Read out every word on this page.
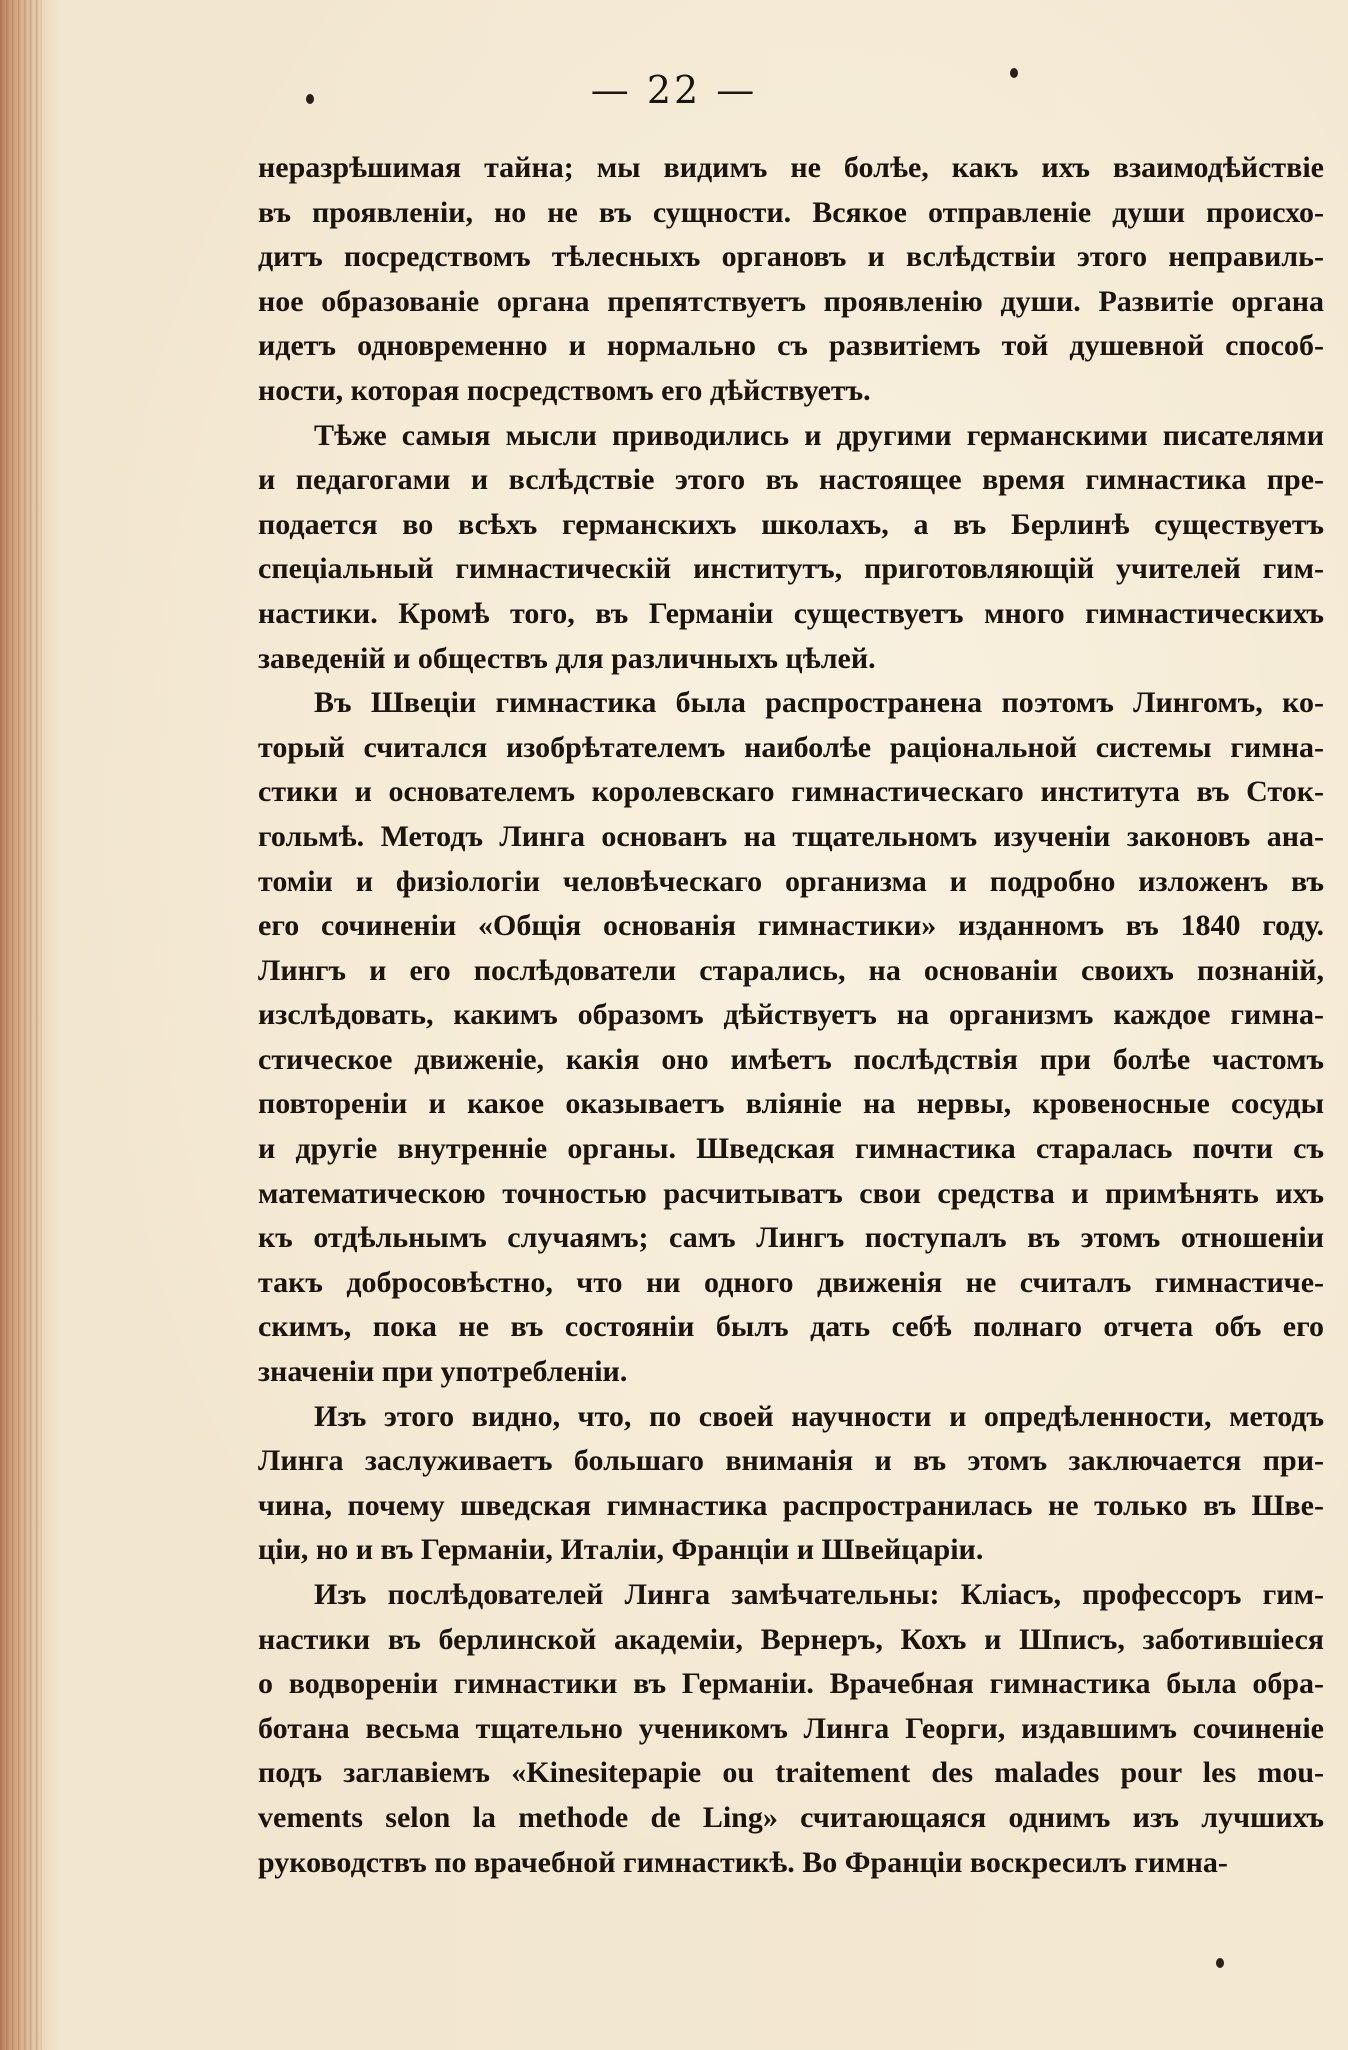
— 22 —

неразрѣшимая тайна; мы видимъ не болѣе, какъ ихъ взаимодѣйствіе
въ проявленіи, но не въ сущности. Всякое отправленіе души происхо-
дитъ посредствомъ тѣлесныхъ органовъ и вслѣдствіи этого неправиль-
ное образованіе органа препятствуетъ проявленію души. Развитіе органа
идетъ одновременно и нормально съ развитіемъ той душевной способ-
ности, которая посредствомъ его дѣйствуетъ.

Тѣже самыя мысли приводились и другими германскими писателями
и педагогами и вслѣдствіе этого въ настоящее время гимнастика пре-
подается во всѣхъ германскихъ школахъ, а въ Берлинѣ существуетъ
спеціальный гимнастическій институтъ, приготовляющій учителей гим-
настики. Кромѣ того, въ Германіи существуетъ много гимнастическихъ
заведеній и обществъ для различныхъ цѣлей.

Въ Швеціи гимнастика была распространена поэтомъ Лингомъ, ко-
торый считался изобрѣтателемъ наиболѣе раціональной системы гимна-
стики и основателемъ королевскаго гимнастическаго института въ Сток-
гольмѣ. Методъ Линга основанъ на тщательномъ изученіи законовъ ана-
томіи и физіологіи человѣческаго организма и подробно изложенъ въ
его сочиненіи «Общія основанія гимнастики» изданномъ въ 1840 году.
Лингъ и его послѣдователи старались, на основаніи своихъ познаній,
изслѣдовать, какимъ образомъ дѣйствуетъ на организмъ каждое гимна-
стическое движеніе, какія оно имѣетъ послѣдствія при болѣе частомъ
повтореніи и какое оказываетъ вліяніе на нервы, кровеносные сосуды
и другіе внутренніе органы. Шведская гимнастика старалась почти съ
математическою точностью расчитыватъ свои средства и примѣнять ихъ
къ отдѣльнымъ случаямъ; самъ Лингъ поступалъ въ этомъ отношеніи
такъ добросовѣстно, что ни одного движенія не считалъ гимнастиче-
скимъ, пока не въ состояніи былъ дать себѣ полнаго отчета объ его
значеніи при употребленіи.

Изъ этого видно, что, по своей научности и опредѣленности, методъ
Линга заслуживаетъ большаго вниманія и въ этомъ заключается при-
чина, почему шведская гимнастика распространилась не только въ Шве-
ціи, но и въ Германіи, Италіи, Франціи и Швейцаріи.

Изъ послѣдователей Линга замѣчательны: Кліасъ, профессоръ гим-
настики въ берлинской академіи, Вернеръ, Кохъ и Шписъ, заботившіеся
о водвореніи гимнастики въ Германіи. Врачебная гимнастика была обра-
ботана весьма тщательно ученикомъ Линга Георги, издавшимъ сочиненіе
подъ заглавіемъ «Kinesitерapie ou traitement des malades pour les mou-
vements selon la methode de Ling» считающаяся однимъ изъ лучшихъ
руководствъ по врачебной гимнастикѣ. Во Франціи воскресилъ гимна-
